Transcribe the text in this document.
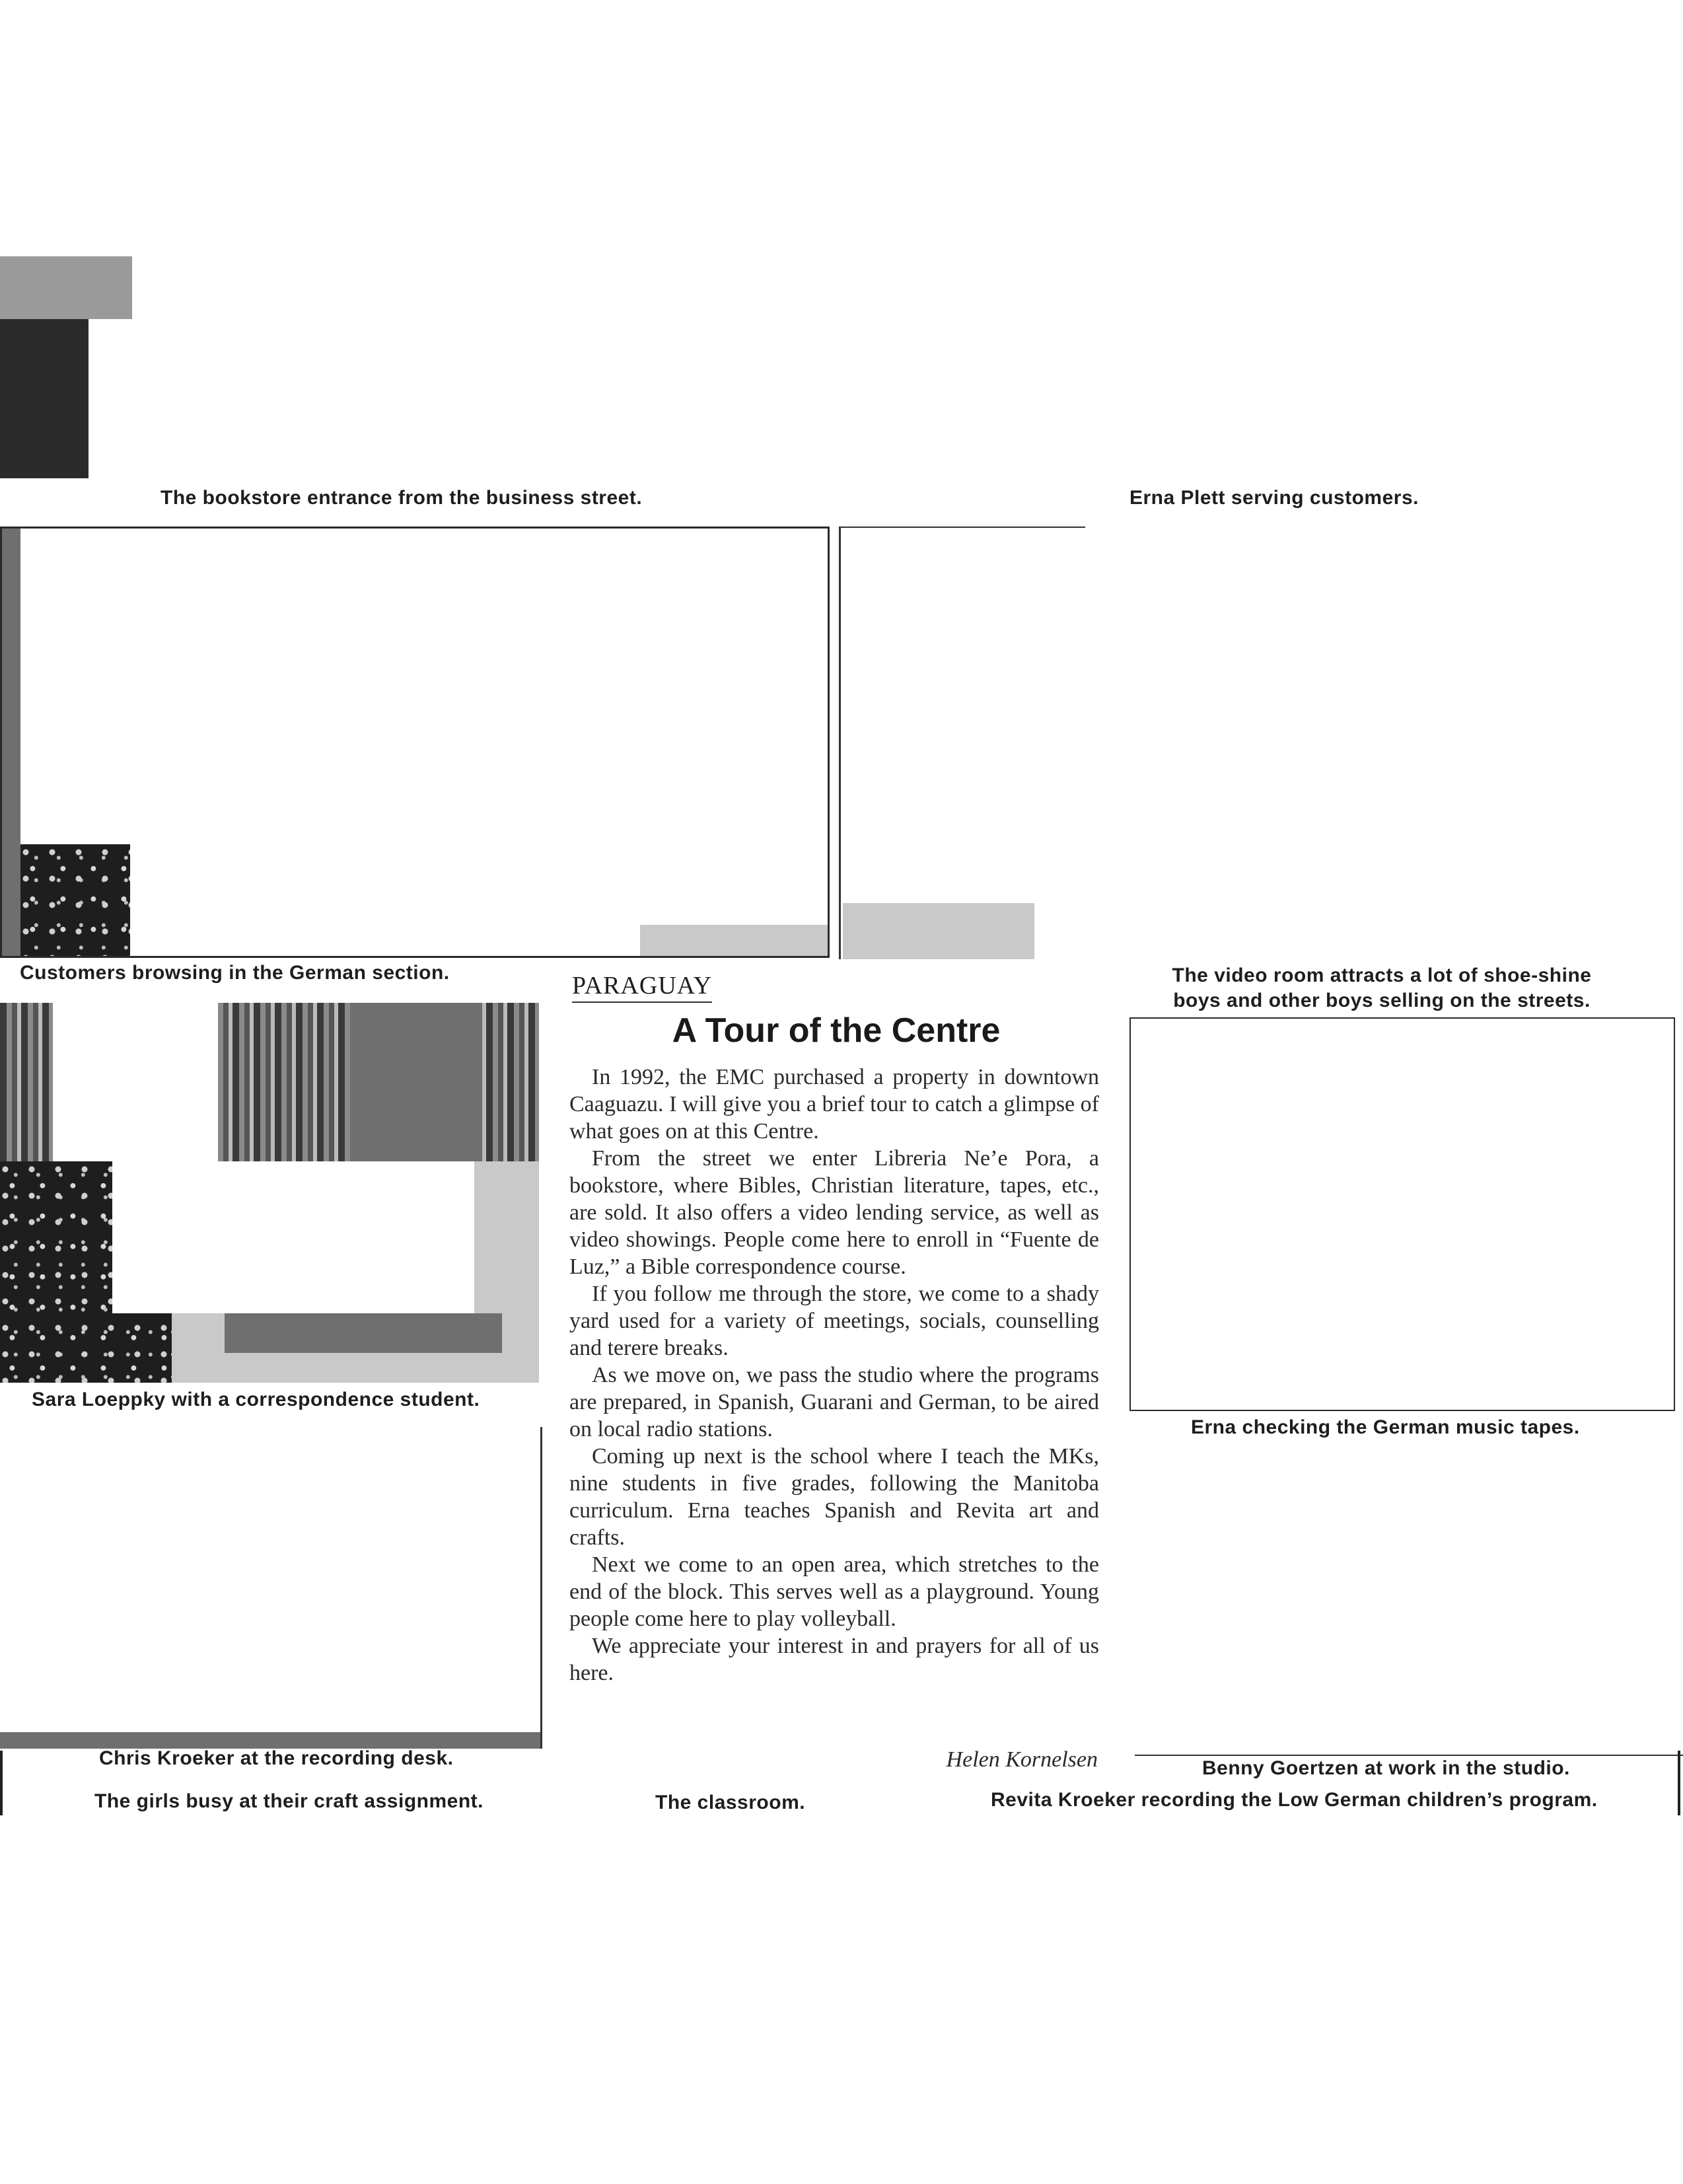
The bookstore entrance from the business street.	Erna Plett serving customers.
Customers browsing in the German section.	The video room attracts a lot of shoe-shine boys and other boys selling on the streets.
Sara Loeppky with a correspondence student.
Erna checking the German music tapes.
PARAGUAY
A Tour of the Centre

In 1992, the EMC purchased a property in downtown Caaguazu. I will give you a brief tour to catch a glimpse of what goes on at this Centre.

From the street we enter Libreria Ne’e Pora, a bookstore, where Bibles, Christian literature, tapes, etc., are sold. It also offers a video lending service, as well as video showings. People come here to enroll in “Fuente de Luz,” a Bible correspondence course.

If you follow me through the store, we come to a shady yard used for a variety of meetings, socials, counselling and terere breaks.

As we move on, we pass the studio where the programs are prepared, in Spanish, Guarani and German, to be aired on local radio stations.

Coming up next is the school where I teach the MKs, nine students in five grades, following the Manitoba curriculum. Erna teaches Spanish and Revita art and crafts.

Next we come to an open area, which stretches to the end of the block. This serves well as a playground. Young people come here to play volleyball.

We appreciate your interest in and prayers for all of us here.

Helen Kornelsen
Chris Kroeker at the recording desk.	Benny Goertzen at work in the studio.
The girls busy at their craft assignment.	The classroom.	Revita Kroeker recording the Low German children’s program.
